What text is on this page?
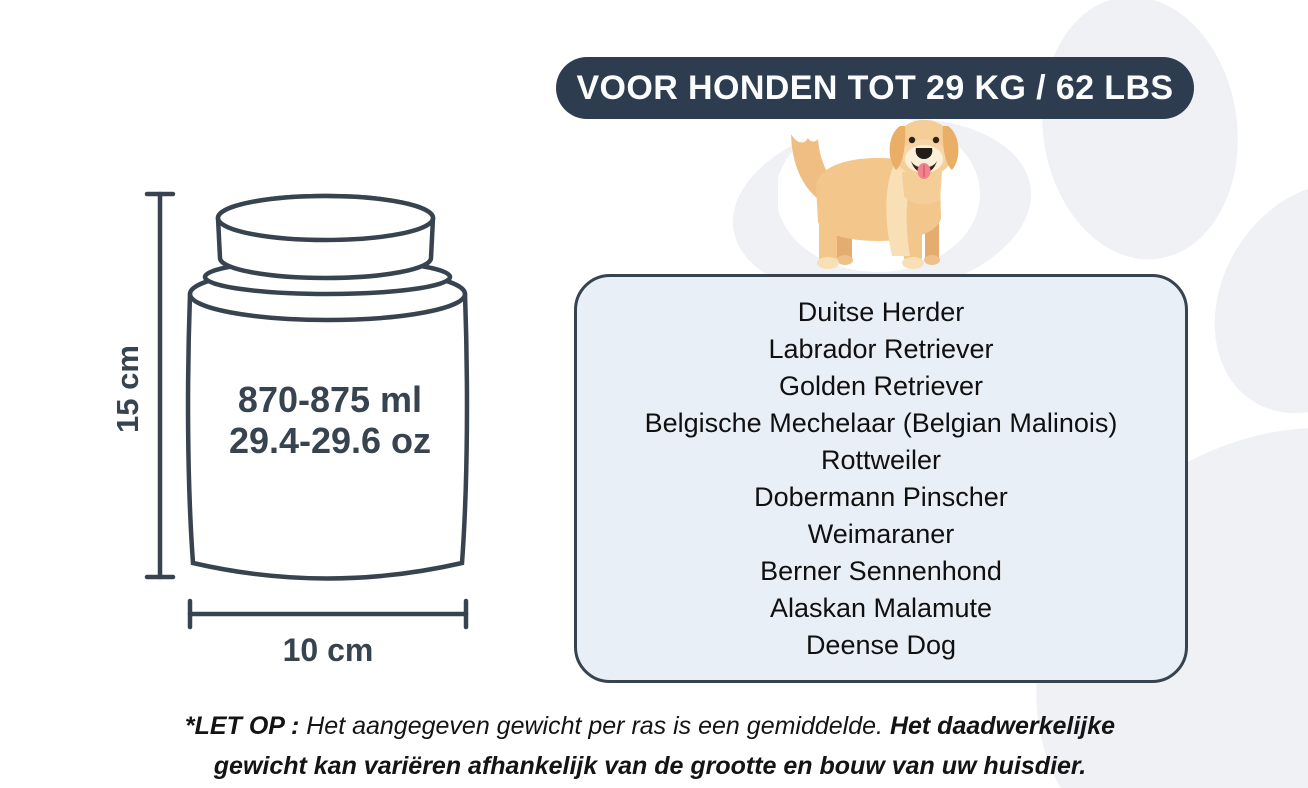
VOOR HONDEN TOT 29 KG / 62 LBS
15 cm
10 cm
870-875 ml
29.4-29.6 oz
Duitse Herder
Labrador Retriever
Golden Retriever
Belgische Mechelaar (Belgian Malinois)
Rottweiler
Dobermann Pinscher
Weimaraner
Berner Sennenhond
Alaskan Malamute
Deense Dog
*LET OP : Het aangegeven gewicht per ras is een gemiddelde. Het daadwerkelijke
gewicht kan variëren afhankelijk van de grootte en bouw van uw huisdier.
